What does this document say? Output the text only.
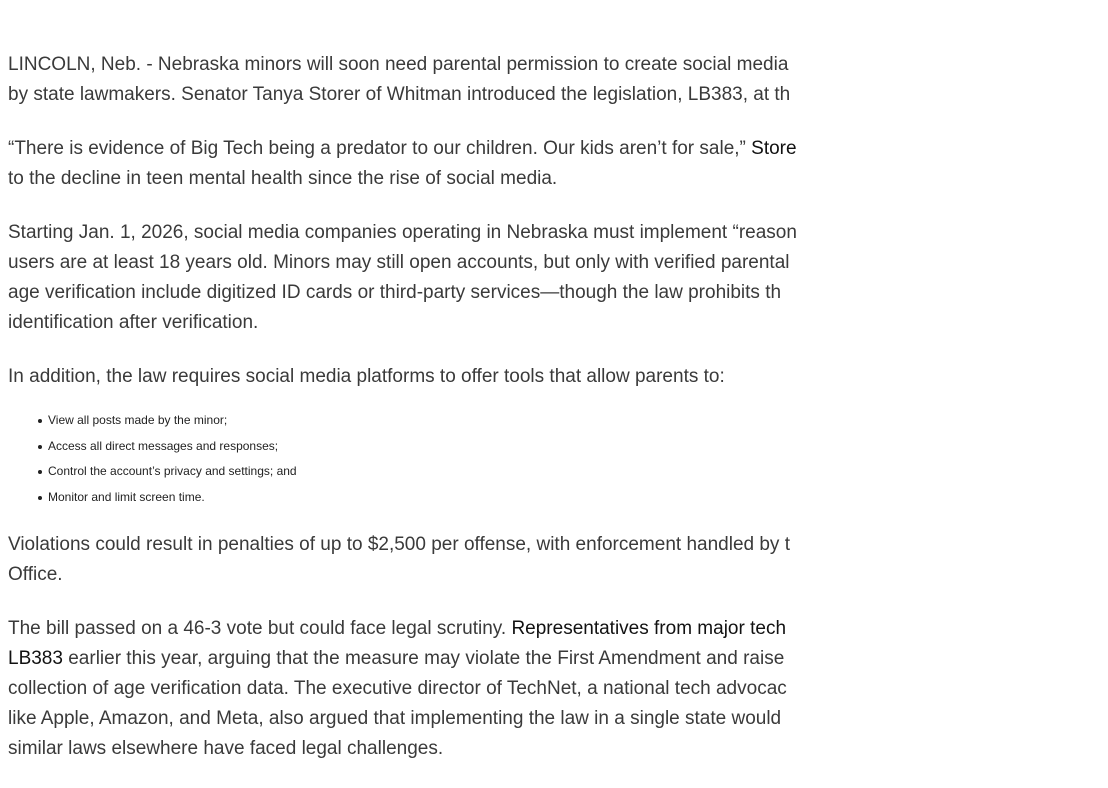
LINCOLN, Neb. - Nebraska minors will soon need parental permission to create social media
by state lawmakers. Senator Tanya Storer of Whitman introduced the legislation, LB383, at th

“There is evidence of Big Tech being a predator to our children. Our kids aren’t for sale,” Store
to the decline in teen mental health since the rise of social media.

Starting Jan. 1, 2026, social media companies operating in Nebraska must implement “reason
users are at least 18 years old. Minors may still open accounts, but only with verified parental
age verification include digitized ID cards or third-party services—though the law prohibits th
identification after verification.

In addition, the law requires social media platforms to offer tools that allow parents to:

View all posts made by the minor;
Access all direct messages and responses;
Control the account’s privacy and settings; and
Monitor and limit screen time.

Violations could result in penalties of up to $2,500 per offense, with enforcement handled by t
Office.

The bill passed on a 46-3 vote but could face legal scrutiny. Representatives from major tech
LB383 earlier this year, arguing that the measure may violate the First Amendment and raise
collection of age verification data. The executive director of TechNet, a national tech advocac
like Apple, Amazon, and Meta, also argued that implementing the law in a single state would
similar laws elsewhere have faced legal challenges.
